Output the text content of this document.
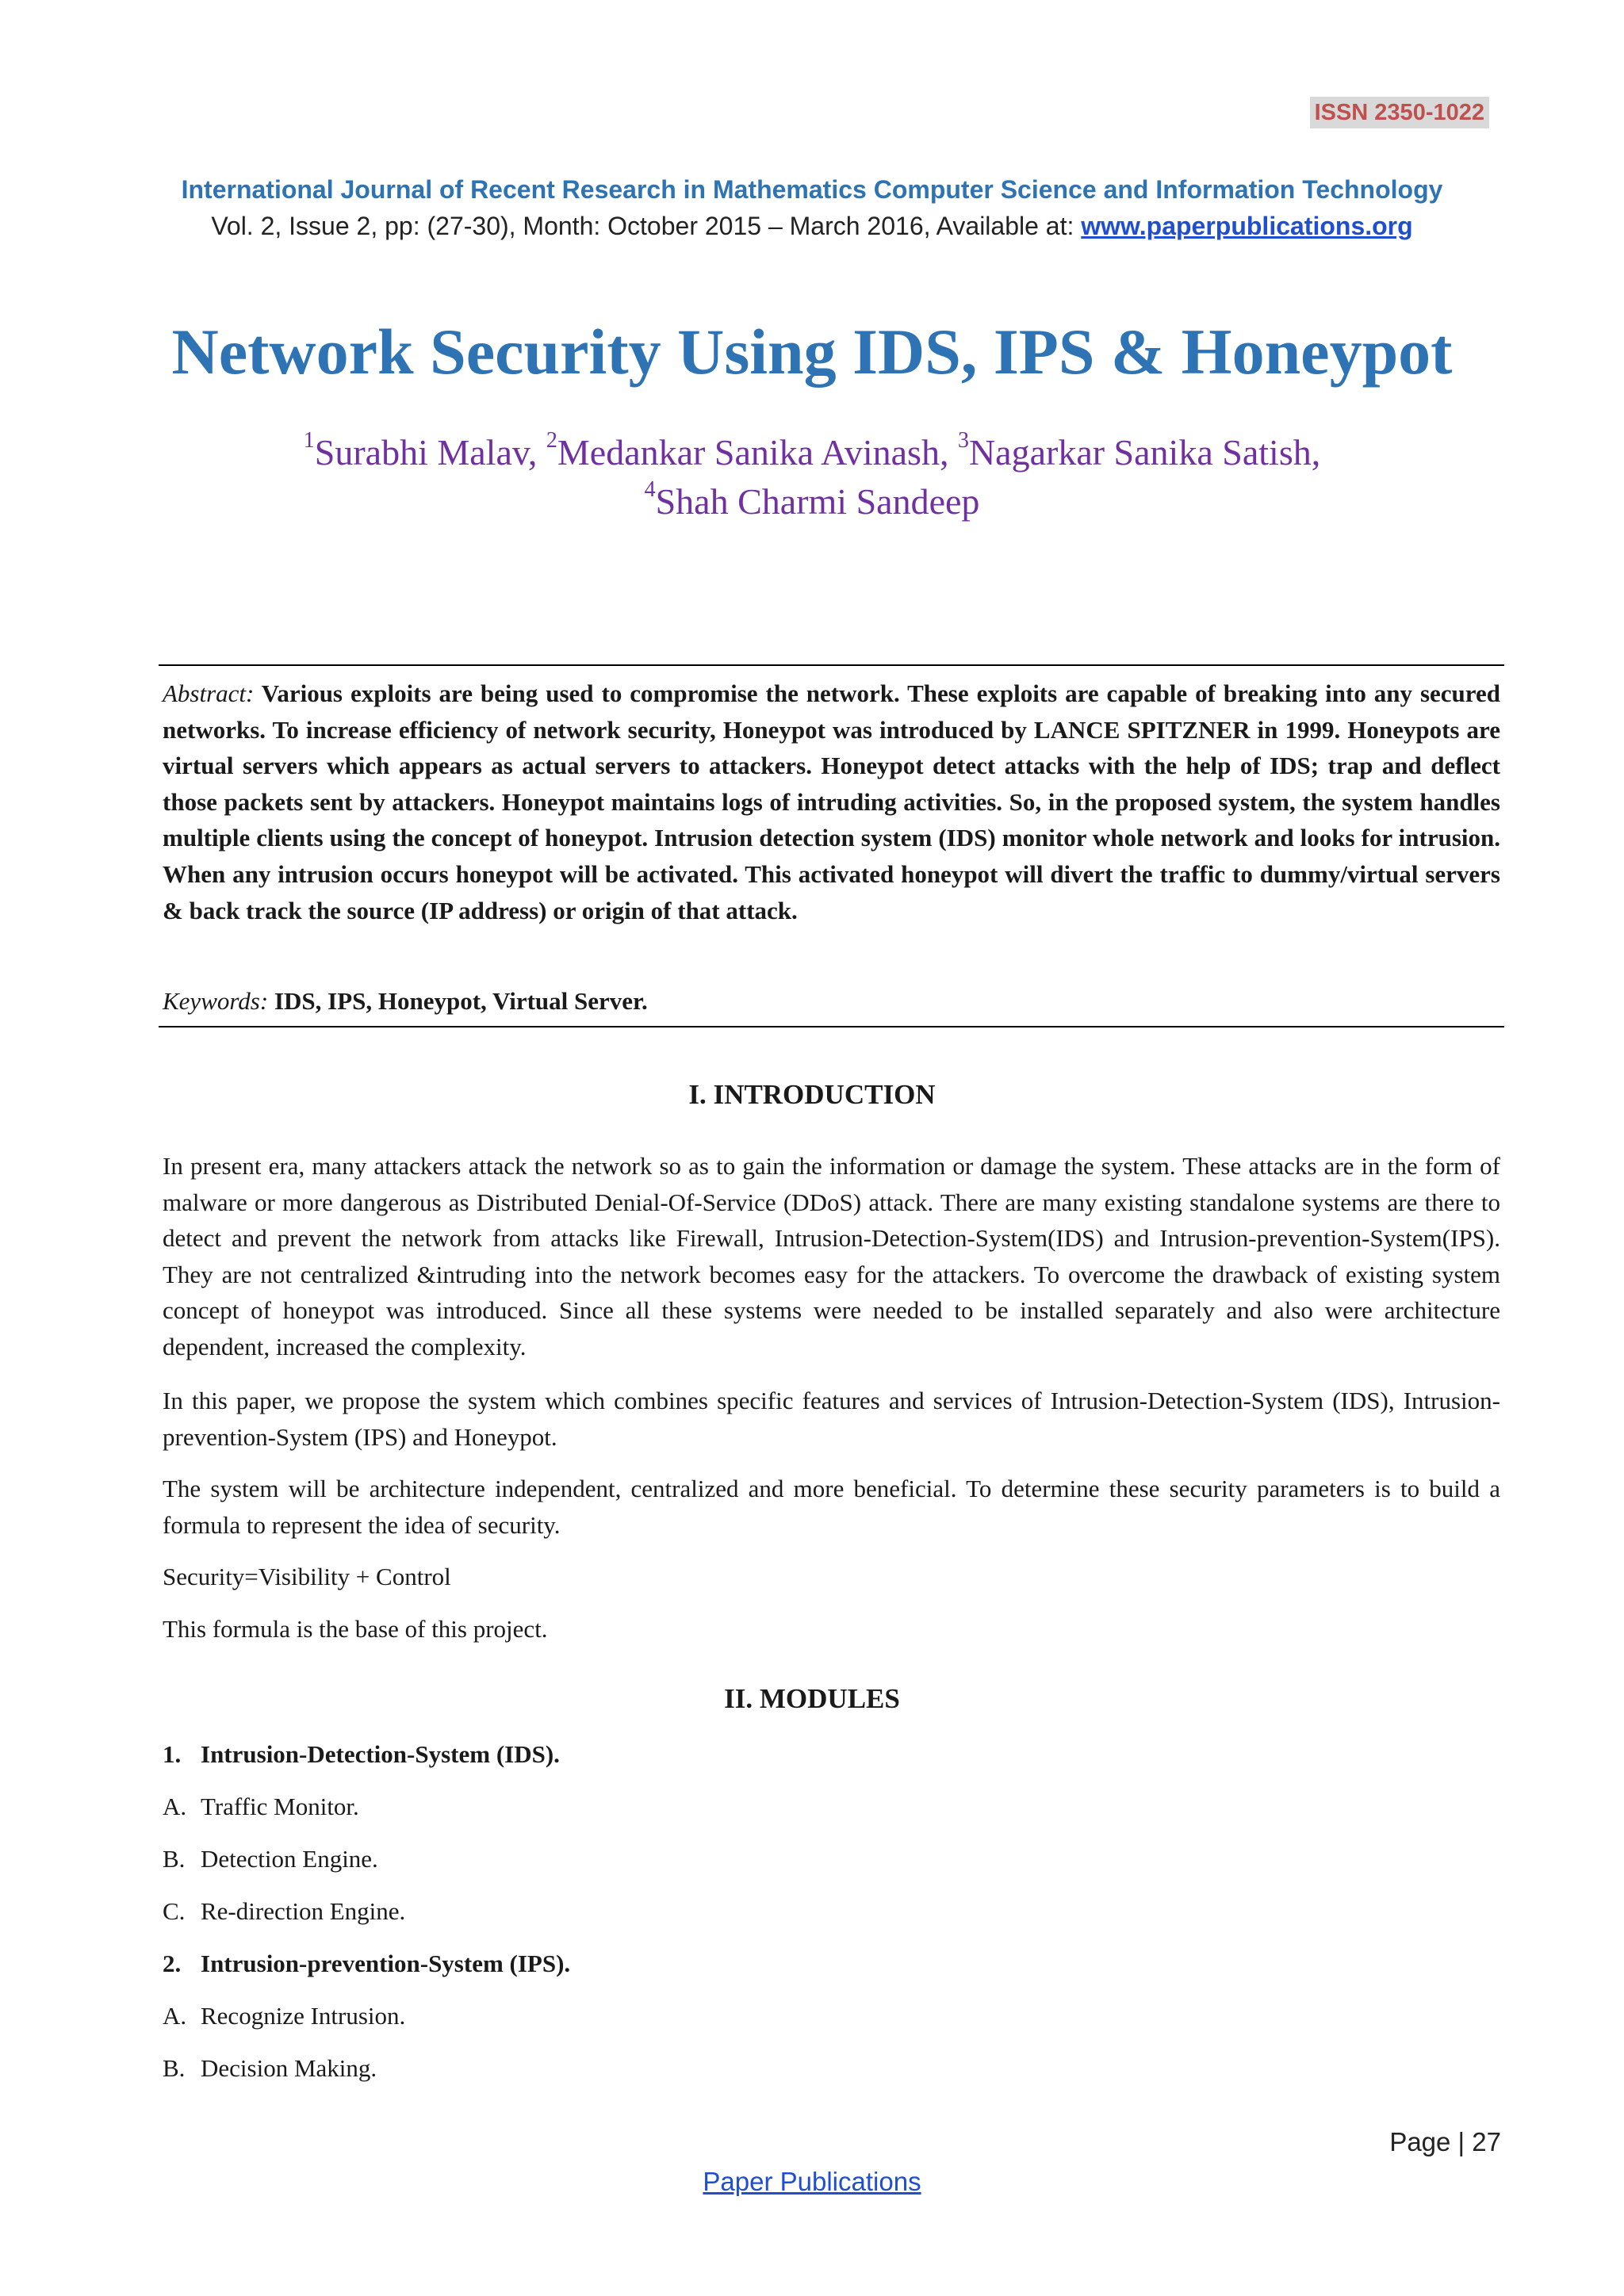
ISSN 2350-1022
International Journal of Recent Research in Mathematics Computer Science and Information Technology
Vol. 2, Issue 2, pp: (27-30), Month: October 2015 – March 2016, Available at: www.paperpublications.org
Network Security Using IDS, IPS & Honeypot
$^1$Surabhi Malav, $^2$Medankar Sanika Avinash, $^3$Nagarkar Sanika Satish,
$^4$Shah Charmi Sandeep
Abstract: Various exploits are being used to compromise the network. These exploits are capable of breaking into any secured networks. To increase efficiency of network security, Honeypot was introduced by LANCE SPITZNER in 1999. Honeypots are virtual servers which appears as actual servers to attackers. Honeypot detect attacks with the help of IDS; trap and deflect those packets sent by attackers. Honeypot maintains logs of intruding activities. So, in the proposed system, the system handles multiple clients using the concept of honeypot. Intrusion detection system (IDS) monitor whole network and looks for intrusion. When any intrusion occurs honeypot will be activated. This activated honeypot will divert the traffic to dummy/virtual servers & back track the source (IP address) or origin of that attack.
Keywords: IDS, IPS, Honeypot, Virtual Server.
I. INTRODUCTION
In present era, many attackers attack the network so as to gain the information or damage the system. These attacks are in the form of malware or more dangerous as Distributed Denial-Of-Service (DDoS) attack. There are many existing standalone systems are there to detect and prevent the network from attacks like Firewall, Intrusion-Detection-System(IDS) and Intrusion-prevention-System(IPS). They are not centralized &intruding into the network becomes easy for the attackers. To overcome the drawback of existing system concept of honeypot was introduced. Since all these systems were needed to be installed separately and also were architecture dependent, increased the complexity.
In this paper, we propose the system which combines specific features and services of Intrusion-Detection-System (IDS), Intrusion-prevention-System (IPS) and Honeypot.
The system will be architecture independent, centralized and more beneficial. To determine these security parameters is to build a formula to represent the idea of security.
Security=Visibility + Control
This formula is the base of this project.
II. MODULES
1. Intrusion-Detection-System (IDS).
A. Traffic Monitor.
B. Detection Engine.
C. Re-direction Engine.
2. Intrusion-prevention-System (IPS).
A. Recognize Intrusion.
B. Decision Making.
Page | 27
Paper Publications
